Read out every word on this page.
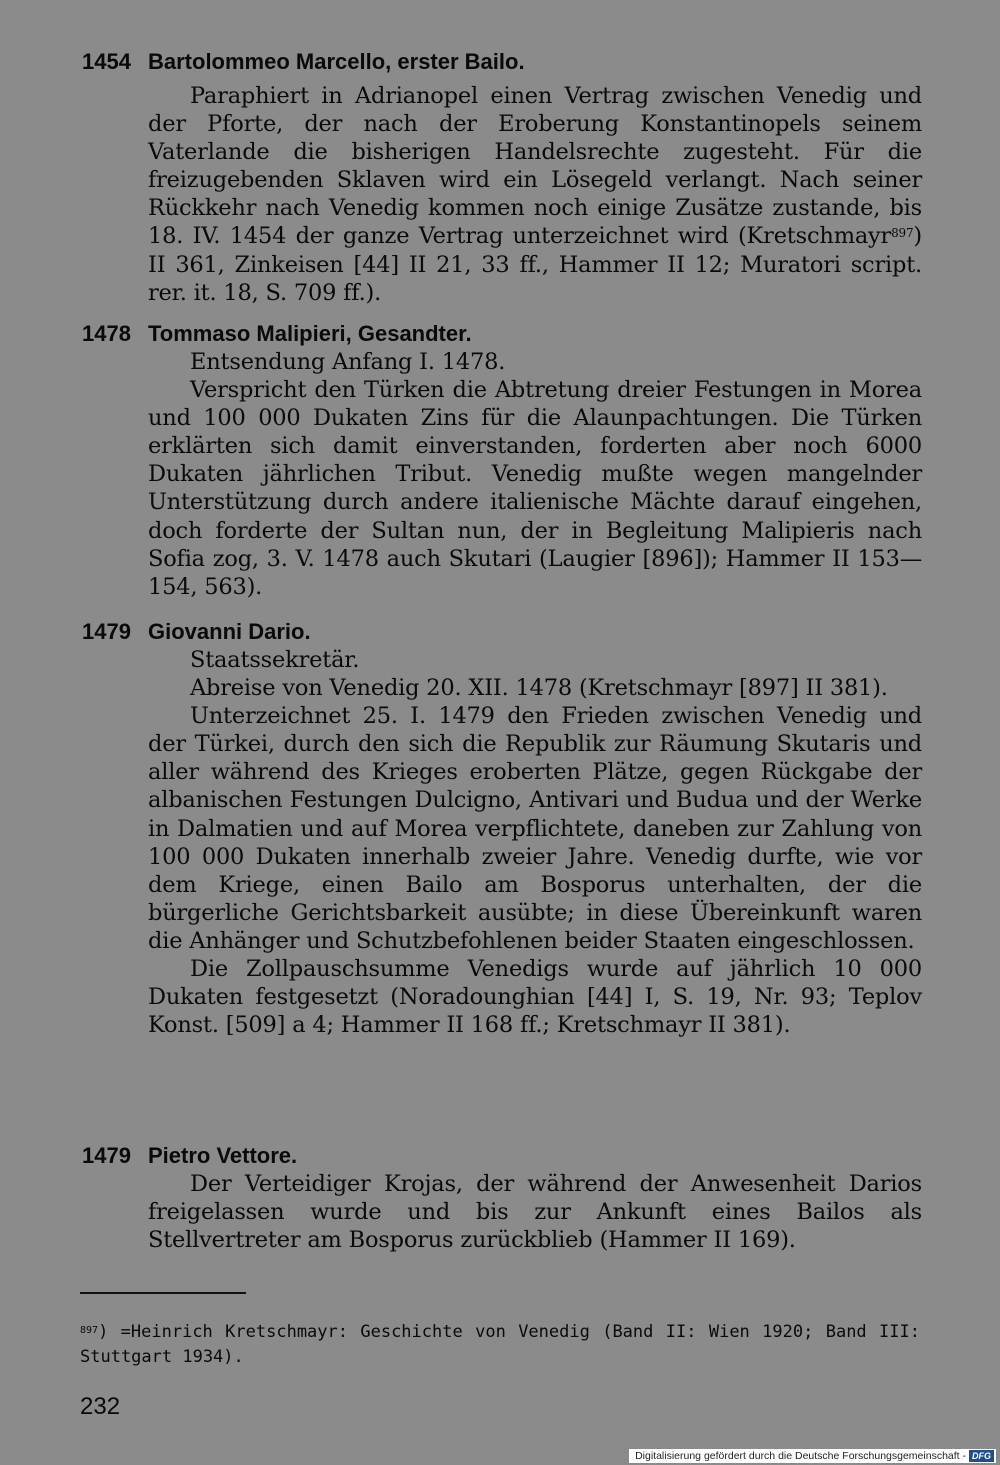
1454 Bartolommeo Marcello, erster Bailo.

Paraphiert in Adrianopel einen Vertrag zwischen Venedig und der Pforte, der nach der Eroberung Konstantinopels seinem Vaterlande die bisherigen Handelsrechte zugesteht. Für die freizugebenden Sklaven wird ein Lösegeld verlangt. Nach seiner Rückkehr nach Venedig kommen noch einige Zusätze zustande, bis 18. IV. 1454 der ganze Vertrag unterzeichnet wird (Kretschmayr$^{897}$) II 361, Zinkeisen [44] II 21, 33 ff., Hammer II 12; Muratori script. rer. it. 18, S. 709 ff.).

1478 Tommaso Malipieri, Gesandter.

Entsendung Anfang I. 1478.

Verspricht den Türken die Abtretung dreier Festungen in Morea und 100 000 Dukaten Zins für die Alaunpachtungen. Die Türken erklärten sich damit einverstanden, forderten aber noch 6000 Dukaten jährlichen Tribut. Venedig mußte wegen mangelnder Unterstützung durch andere italienische Mächte darauf eingehen, doch forderte der Sultan nun, der in Begleitung Malipieris nach Sofia zog, 3. V. 1478 auch Skutari (Laugier [896]); Hammer II 153—154, 563).

1479 Giovanni Dario.

Staatssekretär.

Abreise von Venedig 20. XII. 1478 (Kretschmayr [897] II 381).

Unterzeichnet 25. I. 1479 den Frieden zwischen Venedig und der Türkei, durch den sich die Republik zur Räumung Skutaris und aller während des Krieges eroberten Plätze, gegen Rückgabe der albanischen Festungen Dulcigno, Antivari und Budua und der Werke in Dalmatien und auf Morea verpflichtete, daneben zur Zahlung von 100 000 Dukaten innerhalb zweier Jahre. Venedig durfte, wie vor dem Kriege, einen Bailo am Bosporus unterhalten, der die bürgerliche Gerichtsbarkeit ausübte; in diese Übereinkunft waren die Anhänger und Schutzbefohlenen beider Staaten eingeschlossen.

Die Zollpauschsumme Venedigs wurde auf jährlich 10 000 Dukaten festgesetzt (Noradounghian [44] I, S. 19, Nr. 93; Teplov Konst. [509] a 4; Hammer II 168 ff.; Kretschmayr II 381).

1479 Pietro Vettore.

Der Verteidiger Krojas, der während der Anwesenheit Darios freigelassen wurde und bis zur Ankunft eines Bailos als Stellvertreter am Bosporus zurückblieb (Hammer II 169).

$^{897}$) =Heinrich Kretschmayr: Geschichte von Venedig (Band II: Wien 1920; Band III: Stuttgart 1934).
232
Digitalisierung gefördert durch die Deutsche Forschungsgemeinschaft - DFG
